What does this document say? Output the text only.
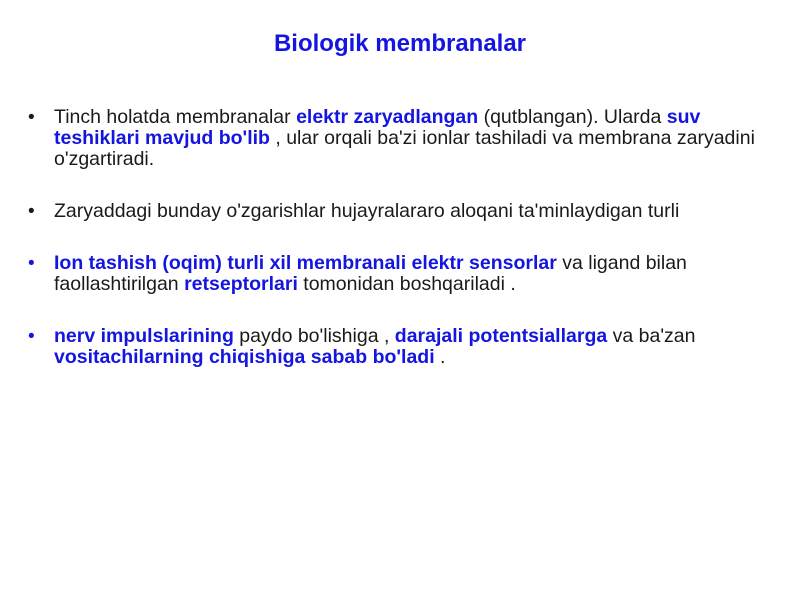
Biologik membranalar
• Tinch holatda membranalar elektr zaryadlangan (qutblangan). Ularda suv teshiklari mavjud bo'lib , ular orqali ba'zi ionlar tashiladi va membrana zaryadini o'zgartiradi.
• Zaryaddagi bunday o'zgarishlar hujayralararo aloqani ta'minlaydigan turli
• Ion tashish (oqim) turli xil membranali elektr sensorlar va ligand bilan faollashtirilgan retseptorlari tomonidan boshqariladi .
• nerv impulslarining paydo bo'lishiga , darajali potentsiallarga va ba'zan vositachilarning chiqishiga sabab bo'ladi .
